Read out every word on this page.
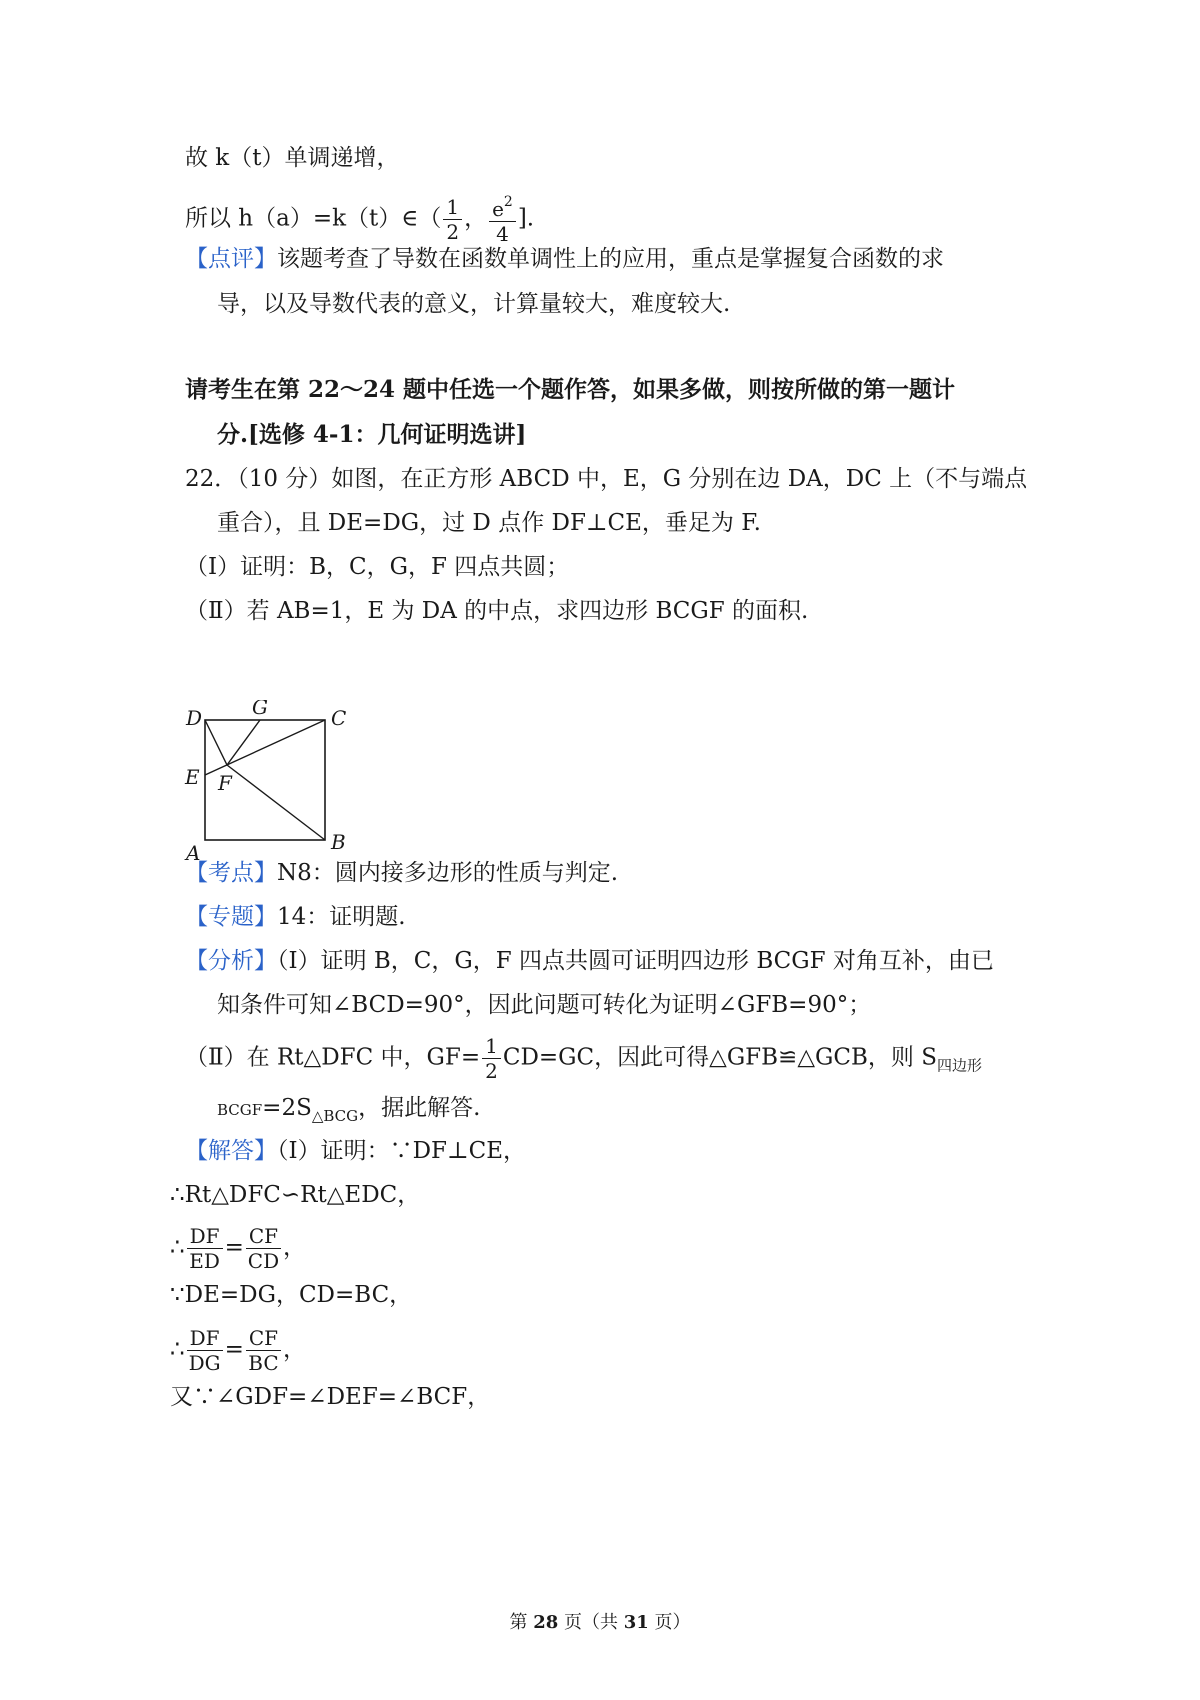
故 k（t）单调递增，
所以 h（a）=k（t）∈（ $\frac{1}{2}$ ， $\frac{e^2}{4}$ ].
【点评】该题考查了导数在函数单调性上的应用，重点是掌握复合函数的求
导，以及导数代表的意义，计算量较大，难度较大.
请考生在第 22～24 题中任选一个题作答，如果多做，则按所做的第一题计
分.[选修 4-1：几何证明选讲]
22．（10 分）如图，在正方形 ABCD 中，E，G 分别在边 DA，DC 上（不与端点
重合），且 DE=DG，过 D 点作 DF⊥CE，垂足为 F.
（Ⅰ）证明：B，C，G，F 四点共圆；
（Ⅱ）若 AB=1，E 为 DA 的中点，求四边形 BCGF 的面积.
D G	C
E F
A	B
【考点】N8：圆内接多边形的性质与判定.
【专题】14：证明题.
【分析】（Ⅰ）证明 B，C，G，F 四点共圆可证明四边形 BCGF 对角互补，由已
知条件可知∠BCD=90°，因此问题可转化为证明∠GFB=90°；
（Ⅱ）在 Rt△DFC 中，$GF= \frac{1}{2} CD=GC$，因此可得△GFB≌△GCB，则 $S_{四边形}$
$BCGF=2S_{\triangle BCG}$，据此解答.
【解答】（Ⅰ）证明：∵DF⊥CE，
∴Rt△DFC∽Rt△EDC，
∴ $\frac{DF}{ED} = \frac{CF}{CD}$ ，
∵DE=DG，CD=BC，
∴ $\frac{DF}{DG} = \frac{CF}{BC}$ ，
又∵∠GDF=∠DEF=∠BCF，
第 28 页（共 31 页）
